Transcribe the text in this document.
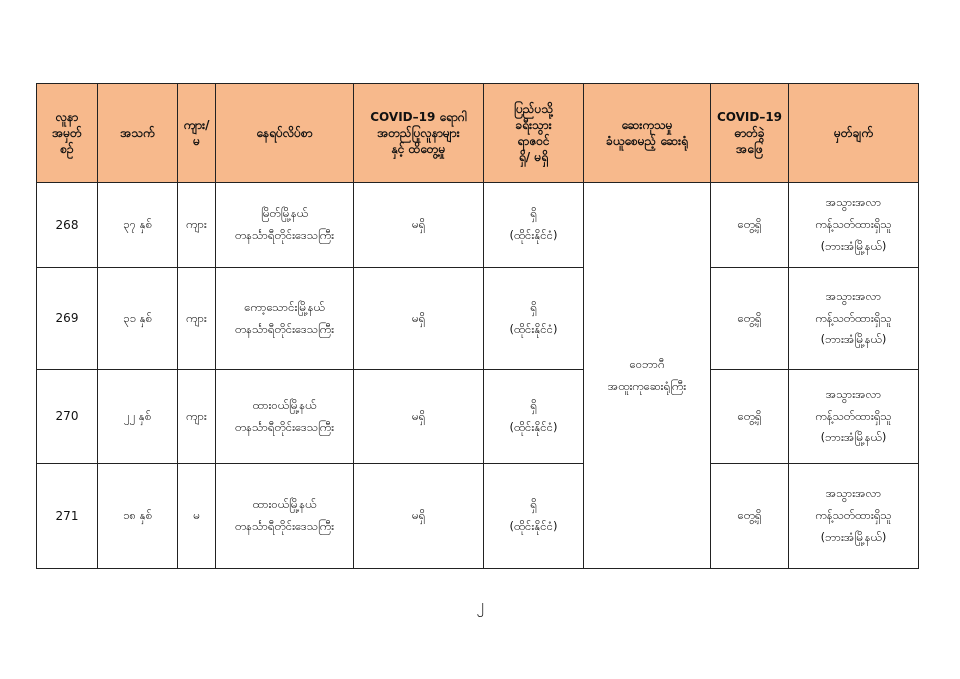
လူနာ
အမှတ်
စဉ်	အသက်	ကျား/
မ	နေရပ်လိပ်စာ	COVID–19 ရောဂါ
အတည်ပြုလူနာများ
နှင့် ထိတွေ့မှု	ပြည်ပသို့
ခရီးသွား
ရာဇဝင်
ရှိ/ မရှိ	ဆေးကုသမှု
ခံယူစေမည့် ဆေးရုံ	COVID–19
ဓာတ်ခွဲ
အဖြေ	မှတ်ချက်

268	၃၇ နှစ်	ကျား	မြိတ်မြို့နယ်
တနင်္သာရီတိုင်းဒေသကြီး	မရှိ	ရှိ
(ထိုင်းနိုင်ငံ)	ဝေဘာဂီ
အထူးကုဆေးရုံကြီး	တွေ့ရှိ	အသွားအလာ
ကန့်သတ်ထားရှိသူ
(ဘားအံမြို့နယ်)

269	၃၁ နှစ်	ကျား	ကော့သောင်းမြို့နယ်
တနင်္သာရီတိုင်းဒေသကြီး	မရှိ	ရှိ
(ထိုင်းနိုင်ငံ)		တွေ့ရှိ	အသွားအလာ
ကန့်သတ်ထားရှိသူ
(ဘားအံမြို့နယ်)

270	၂၂ နှစ်	ကျား	ထားဝယ်မြို့နယ်
တနင်္သာရီတိုင်းဒေသကြီး	မရှိ	ရှိ
(ထိုင်းနိုင်ငံ)		တွေ့ရှိ	အသွားအလာ
ကန့်သတ်ထားရှိသူ
(ဘားအံမြို့နယ်)

271	၁၈ နှစ်	မ	ထားဝယ်မြို့နယ်
တနင်္သာရီတိုင်းဒေသကြီး	မရှိ	ရှိ
(ထိုင်းနိုင်ငံ)		တွေ့ရှိ	အသွားအလာ
ကန့်သတ်ထားရှိသူ
(ဘားအံမြို့နယ်)
၂
